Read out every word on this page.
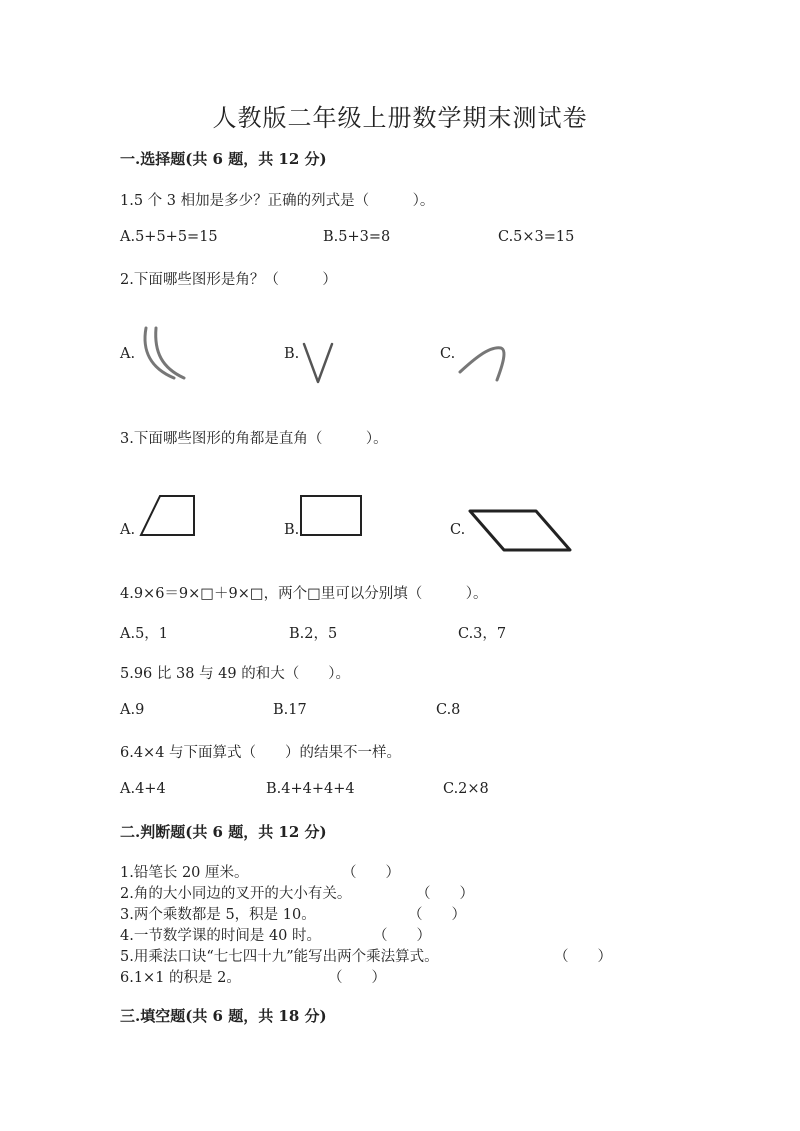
人教版二年级上册数学期末测试卷
一.选择题(共 6 题，共 12 分)
1.5 个 3 相加是多少？正确的列式是（　　　）。
A.5+5+5=15	B.5+3=8	C.5×3=15
2.下面哪些图形是角？（　　　）
A.	B.	C.
3.下面哪些图形的角都是直角（　　　）。
A.	B.	C.
4.9×6＝9×□＋9×□，两个□里可以分别填（　　　）。
A.5，1	B.2，5	C.3，7
5.96 比 38 与 49 的和大（　　）。
A.9	B.17	C.8
6.4×4 与下面算式（　　）的结果不一样。
A.4+4	B.4+4+4+4	C.2×8
二.判断题(共 6 题，共 12 分)
1.铅笔长 20 厘米。	（　　）
2.角的大小同边的叉开的大小有关。	（　　）
3.两个乘数都是 5，积是 10。	（　　）
4.一节数学课的时间是 40 时。	（　　）
5.用乘法口诀“七七四十九”能写出两个乘法算式。	（　　）
6.1×1 的积是 2。	（　　）
三.填空题(共 6 题，共 18 分)
